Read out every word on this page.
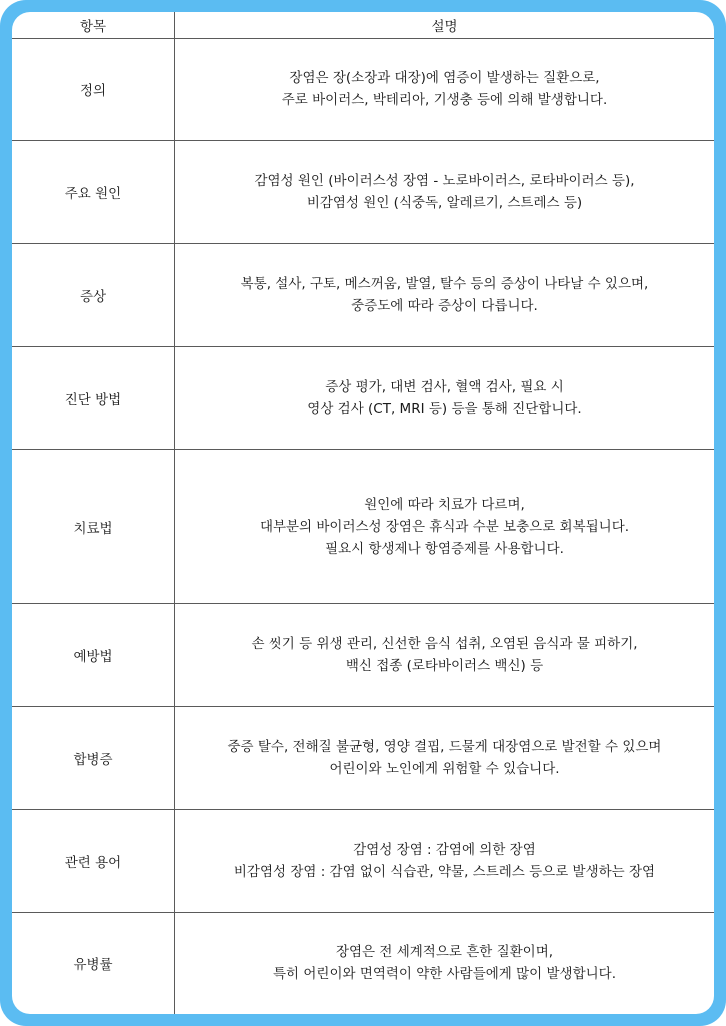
항목	설명
정의	장염은 장(소장과 대장)에 염증이 발생하는 질환으로,
주로 바이러스, 박테리아, 기생충 등에 의해 발생합니다.

주요 원인	감염성 원인 (바이러스성 장염 - 노로바이러스, 로타바이러스 등),
비감염성 원인 (식중독, 알레르기, 스트레스 등)

증상	복통, 설사, 구토, 메스꺼움, 발열, 탈수 등의 증상이 나타날 수 있으며,
중증도에 따라 증상이 다릅니다.

진단 방법	증상 평가, 대변 검사, 혈액 검사, 필요 시
영상 검사 (CT, MRI 등) 등을 통해 진단합니다.

치료법	원인에 따라 치료가 다르며,
대부분의 바이러스성 장염은 휴식과 수분 보충으로 회복됩니다.
필요시 항생제나 항염증제를 사용합니다.

예방법	손 씻기 등 위생 관리, 신선한 음식 섭취, 오염된 음식과 물 피하기,
백신 접종 (로타바이러스 백신) 등

합병증	중증 탈수, 전해질 불균형, 영양 결핍, 드물게 대장염으로 발전할 수 있으며
어린이와 노인에게 위험할 수 있습니다.

관련 용어	감염성 장염 : 감염에 의한 장염
비감염성 장염 : 감염 없이 식습관, 약물, 스트레스 등으로 발생하는 장염

유병률	장염은 전 세계적으로 흔한 질환이며,
특히 어린이와 면역력이 약한 사람들에게 많이 발생합니다.
